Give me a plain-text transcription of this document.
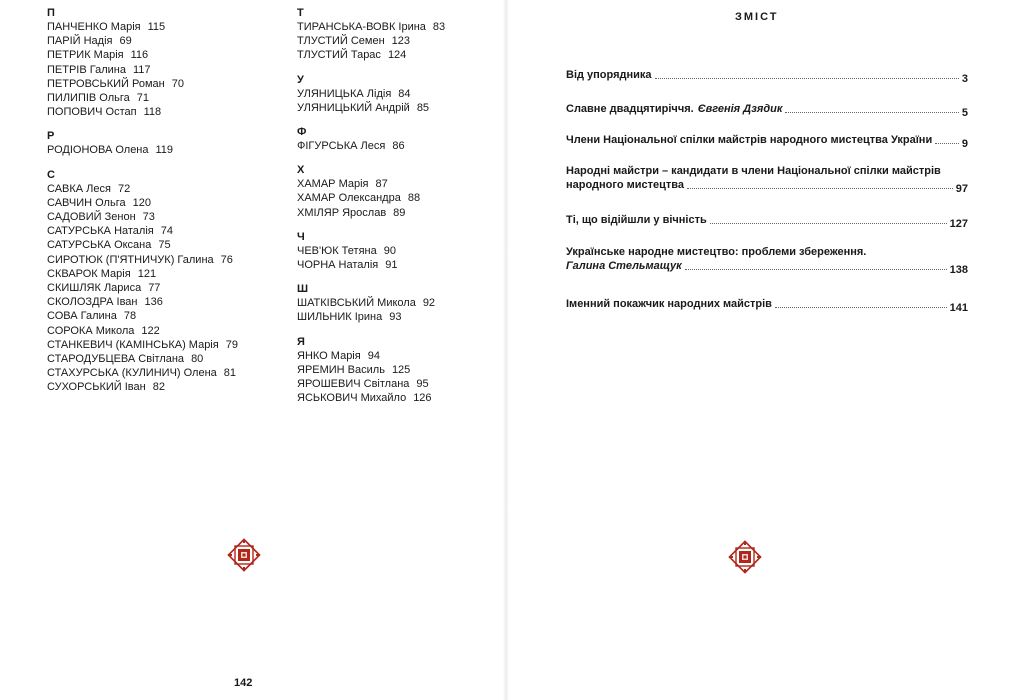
П
ПАНЧЕНКО Марія 115
ПАРІЙ Надія 69
ПЕТРИК Марія 116
ПЕТРІВ Галина 117
ПЕТРОВСЬКИЙ Роман 70
ПИЛИПІВ Ольга 71
ПОПОВИЧ Остап 118
Р
РОДІОНОВА Олена 119
С
САВКА Леся 72
САВЧИН Ольга 120
САДОВИЙ Зенон 73
САТУРСЬКА Наталія 74
САТУРСЬКА Оксана 75
СИРОТЮК (П'ЯТНИЧУК) Галина 76
СКВАРОК Марія 121
СКИШЛЯК Лариса 77
СКОЛОЗДРА Іван 136
СОВА Галина 78
СОРОКА Микола 122
СТАНКЕВИЧ (КАМІНСЬКА) Марія 79
СТАРОДУБЦЕВА Світлана 80
СТАХУРСЬКА (КУЛИНИЧ) Олена 81
СУХОРСЬКИЙ Іван 82
Т
ТИРАНСЬКА-ВОВК Ірина 83
ТЛУСТИЙ Семен 123
ТЛУСТИЙ Тарас 124
У
УЛЯНИЦЬКА Лідія 84
УЛЯНИЦЬКИЙ Андрій 85
Ф
ФІГУРСЬКА Леся 86
Х
ХАМАР Марія 87
ХАМАР Олександра 88
ХМІЛЯР Ярослав 89
Ч
ЧЕВ'ЮК Тетяна 90
ЧОРНА Наталія 91
Ш
ШАТКІВСЬКИЙ Микола 92
ШИЛЬНИК Ірина 93
Я
ЯНКО Марія 94
ЯРЕМИН Василь 125
ЯРОШЕВИЧ Світлана 95
ЯСЬКОВИЧ Михайло 126
142
ЗМІСТ
Від упорядника	3
Славне двадцятиріччя. Євгенія Дзядик	5
Члени Національної спілки майстрів народного мистецтва України	9
Народні майстри – кандидати в члени Національної спілки майстрів
народного мистецтва	97
Ті, що відійшли у вічність	127
Українське народне мистецтво: проблеми збереження.
Галина Стельмащук	138
Іменний покажчик народних майстрів	141
